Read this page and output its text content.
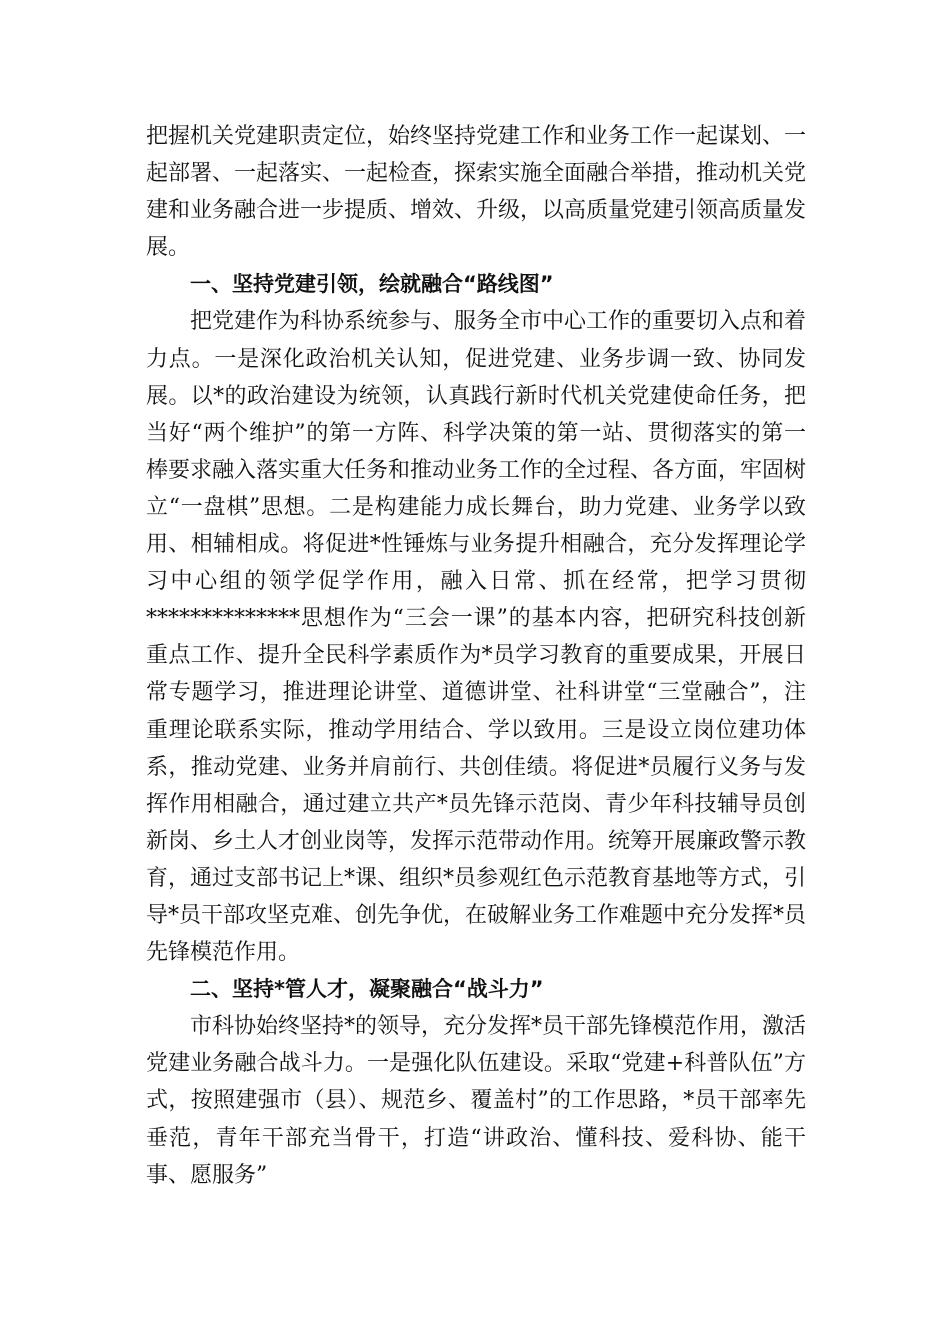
把握机关党建职责定位，始终坚持党建工作和业务工作一起谋划、一起部署、一起落实、一起检查，探索实施全面融合举措，推动机关党建和业务融合进一步提质、增效、升级，以高质量党建引领高质量发展。

一、坚持党建引领，绘就融合“路线图”

把党建作为科协系统参与、服务全市中心工作的重要切入点和着力点。一是深化政治机关认知，促进党建、业务步调一致、协同发展。以*的政治建设为统领，认真践行新时代机关党建使命任务，把当好“两个维护”的第一方阵、科学决策的第一站、贯彻落实的第一棒要求融入落实重大任务和推动业务工作的全过程、各方面，牢固树立“一盘棋”思想。二是构建能力成长舞台，助力党建、业务学以致用、相辅相成。将促进*性锤炼与业务提升相融合，充分发挥理论学习中心组的领学促学作用，融入日常、抓在经常，把学习贯彻**************思想作为“三会一课”的基本内容，把研究科技创新重点工作、提升全民科学素质作为*员学习教育的重要成果，开展日常专题学习，推进理论讲堂、道德讲堂、社科讲堂“三堂融合”，注重理论联系实际，推动学用结合、学以致用。三是设立岗位建功体系，推动党建、业务并肩前行、共创佳绩。将促进*员履行义务与发挥作用相融合，通过建立共产*员先锋示范岗、青少年科技辅导员创新岗、乡土人才创业岗等，发挥示范带动作用。统筹开展廉政警示教育，通过支部书记上*课、组织*员参观红色示范教育基地等方式，引导*员干部攻坚克难、创先争优，在破解业务工作难题中充分发挥*员先锋模范作用。

二、坚持*管人才，凝聚融合“战斗力”

市科协始终坚持*的领导，充分发挥*员干部先锋模范作用，激活党建业务融合战斗力。一是强化队伍建设。采取“党建+科普队伍”方式，按照建强市（县）、规范乡、覆盖村”的工作思路，*员干部率先垂范，青年干部充当骨干，打造“讲政治、懂科技、爱科协、能干事、愿服务”
